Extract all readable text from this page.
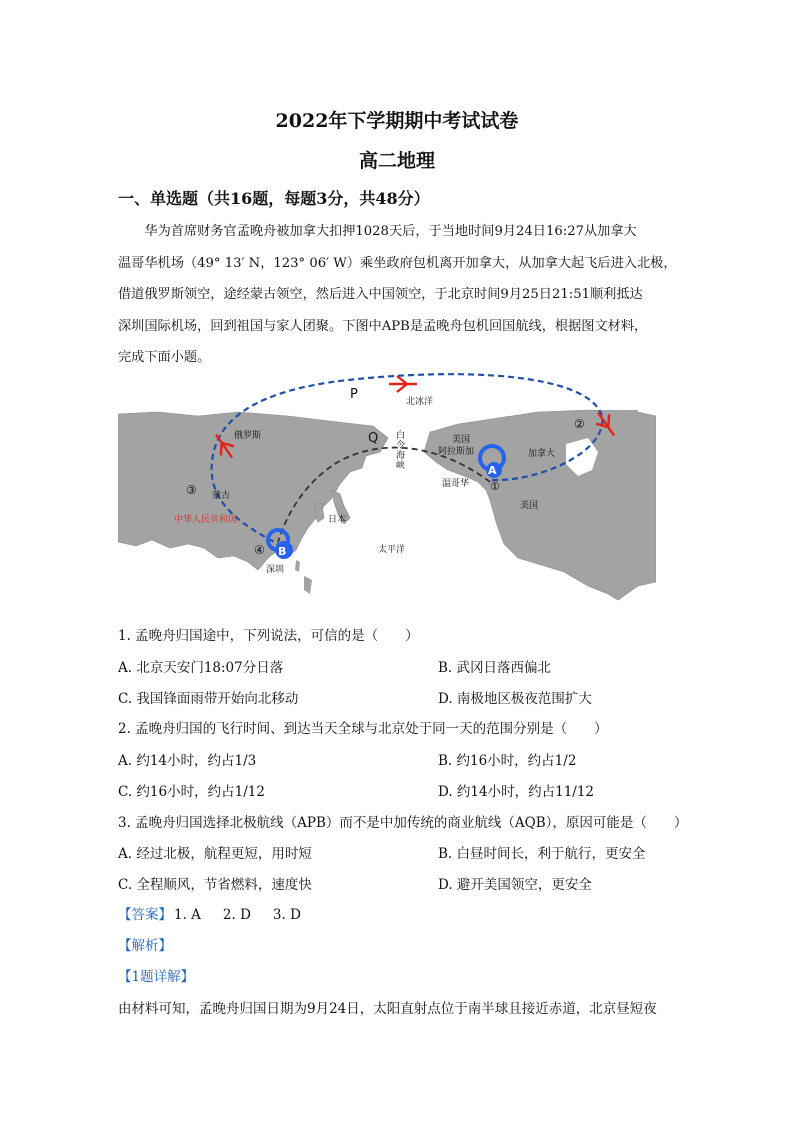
2022年下学期期中考试试卷
高二地理
一、单选题（共16题，每题3分，共48分）

华为首席财务官孟晚舟被加拿大扣押1028天后，于当地时间9月24日16:27从加拿大

温哥华机场（49° 13′ N，123° 06′ W）乘坐政府包机离开加拿大，从加拿大起飞后进入北极，

借道俄罗斯领空，途经蒙古领空，然后进入中国领空，于北京时间9月25日21:51顺利抵达

深圳国际机场，回到祖国与家人团聚。下图中APB是孟晚舟包机回国航线，根据图文材料，

完成下面小题。

P
Q
北冰洋
俄罗斯
蒙古
中华人民共和国	日本
太平洋
深圳
白
令
海
峡
美国
阿拉斯加	加拿大
美国
温哥华
A
B
①
②
③
④
1. 孟晚舟归国途中，下列说法，可信的是（　　）
A. 北京天安门18:07分日落	B. 武冈日落西偏北
C. 我国锋面雨带开始向北移动	D. 南极地区极夜范围扩大
2. 孟晚舟归国的飞行时间、到达当天全球与北京处于同一天的范围分别是（　　）
A. 约14小时，约占1/3	B. 约16小时，约占1/2
C. 约16小时，约占1/12	D. 约14小时，约占11/12
3. 孟晚舟归国选择北极航线（APB）而不是中加传统的商业航线（AQB），原因可能是（　　）
A. 经过北极，航程更短，用时短	B. 白昼时间长，利于航行，更安全
C. 全程顺风，节省燃料，速度快	D. 避开美国领空，更安全
【答案】 1. A 2. D 3. D
【解析】
【1题详解】
由材料可知，孟晚舟归国日期为9月24日，太阳直射点位于南半球且接近赤道，北京昼短夜
